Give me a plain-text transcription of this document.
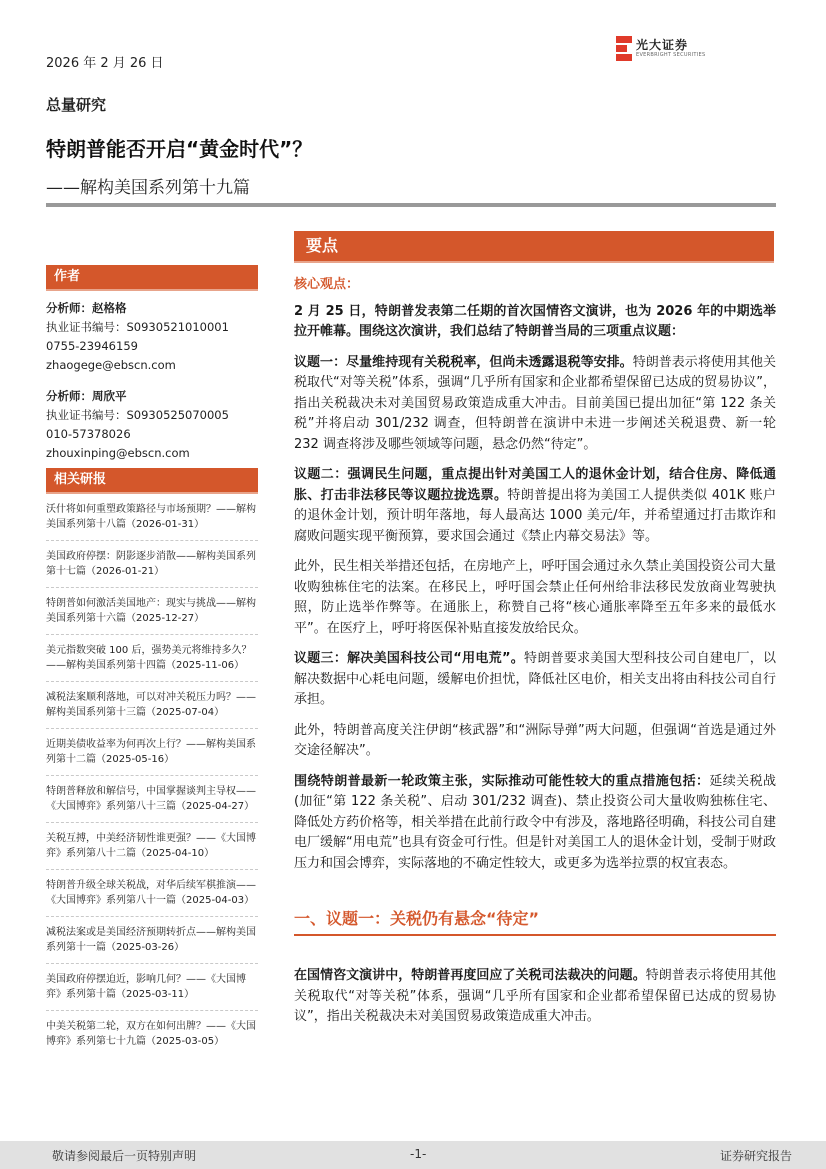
2026 年 2 月 26 日
光大证券
EVERBRIGHT SECURITIES
总量研究
特朗普能否开启“黄金时代”？
——解构美国系列第十九篇
作者
分析师：赵格格
执业证书编号：S0930521010001
0755-23946159
zhaogege@ebscn.com
分析师：周欣平
执业证书编号：S0930525070005
010-57378026
zhouxinping@ebscn.com
相关研报
沃什将如何重塑政策路径与市场预期？——解构美国系列第十八篇（2026-01-31）
美国政府停摆：阴影逐步消散——解构美国系列第十七篇（2026-01-21）
特朗普如何激活美国地产：现实与挑战——解构美国系列第十六篇（2025-12-27）
美元指数突破 100 后，强势美元将维持多久？——解构美国系列第十四篇（2025-11-06）
减税法案顺利落地，可以对冲关税压力吗？——解构美国系列第十三篇（2025-07-04）
近期美债收益率为何再次上行？——解构美国系列第十二篇（2025-05-16）
特朗普释放和解信号，中国掌握谈判主导权——《大国博弈》系列第八十三篇（2025-04-27）
关税互搏，中美经济韧性谁更强？——《大国博弈》系列第八十二篇（2025-04-10）
特朗普升级全球关税战，对华后续军棋推演——《大国博弈》系列第八十一篇（2025-04-03）
减税法案或是美国经济预期转折点——解构美国系列第十一篇（2025-03-26）
美国政府停摆迫近，影响几何？——《大国博弈》系列第十篇（2025-03-11）
中美关税第二轮，双方在如何出牌？——《大国博弈》系列第七十九篇（2025-03-05）
要点

核心观点：

2 月 25 日，特朗普发表第二任期的首次国情咨文演讲，也为 2026 年的中期选举拉开帷幕。围绕这次演讲，我们总结了特朗普当局的三项重点议题：

议题一：尽量维持现有关税税率，但尚未透露退税等安排。特朗普表示将使用其他关税取代“对等关税”体系，强调“几乎所有国家和企业都希望保留已达成的贸易协议”，指出关税裁决未对美国贸易政策造成重大冲击。目前美国已提出加征“第 122 条关税”并将启动 301/232 调查，但特朗普在演讲中未进一步阐述关税退费、新一轮 232 调查将涉及哪些领域等问题，悬念仍然“待定”。

议题二：强调民生问题，重点提出针对美国工人的退休金计划，结合住房、降低通胀、打击非法移民等议题拉拢选票。特朗普提出将为美国工人提供类似 401K 账户的退休金计划，预计明年落地，每人最高达 1000 美元/年，并希望通过打击欺诈和腐败问题实现平衡预算，要求国会通过《禁止内幕交易法》等。

此外，民生相关举措还包括，在房地产上，呼吁国会通过永久禁止美国投资公司大量收购独栋住宅的法案。在移民上，呼吁国会禁止任何州给非法移民发放商业驾驶执照，防止选举作弊等。在通胀上，称赞自己将“核心通胀率降至五年多来的最低水平”。在医疗上，呼吁将医保补贴直接发放给民众。

议题三：解决美国科技公司“用电荒”。特朗普要求美国大型科技公司自建电厂，以解决数据中心耗电问题，缓解电价担忧，降低社区电价，相关支出将由科技公司自行承担。

此外，特朗普高度关注伊朗“核武器”和“洲际导弹”两大问题，但强调“首选是通过外交途径解决”。

围绕特朗普最新一轮政策主张，实际推动可能性较大的重点措施包括：延续关税战(加征“第 122 条关税”、启动 301/232 调查)、禁止投资公司大量收购独栋住宅、降低处方药价格等，相关举措在此前行政令中有涉及，落地路径明确，科技公司自建电厂缓解“用电荒”也具有资金可行性。但是针对美国工人的退休金计划，受制于财政压力和国会博弈，实际落地的不确定性较大，或更多为选举拉票的权宜表态。

一、议题一：关税仍有悬念“待定”
在国情咨文演讲中，特朗普再度回应了关税司法裁决的问题。特朗普表示将使用其他关税取代“对等关税”体系，强调“几乎所有国家和企业都希望保留已达成的贸易协议”，指出关税裁决未对美国贸易政策造成重大冲击。
敬请参阅最后一页特别声明	-1-	证券研究报告
